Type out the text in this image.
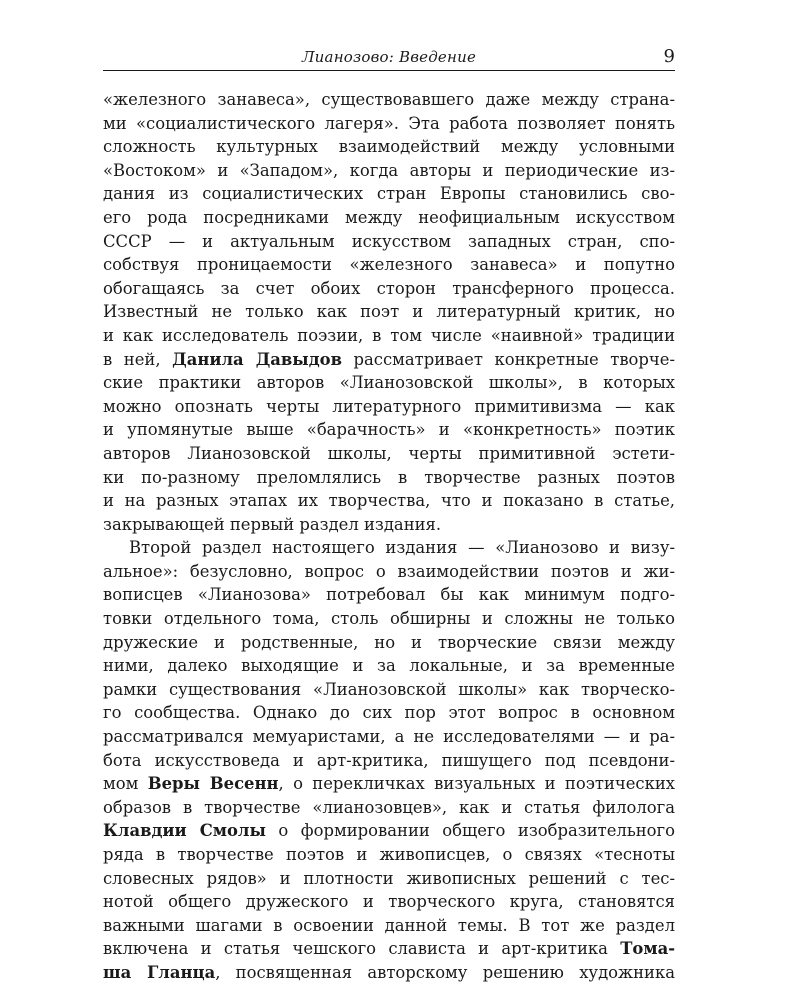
Лианозово: Введение	9
«железного занавеса», существовавшего даже между страна-
ми «социалистического лагеря». Эта работа позволяет понять
сложность культурных взаимодействий между условными
«Востоком» и «Западом», когда авторы и периодические из-
дания из социалистических стран Европы становились сво-
его рода посредниками между неофициальным искусством
СССР — и актуальным искусством западных стран, спо-
собствуя проницаемости «железного занавеса» и попутно
обогащаясь за счет обоих сторон трансферного процесса.
Известный не только как поэт и литературный критик, но
и как исследователь поэзии, в том числе «наивной» традиции
в ней, Данила Давыдов рассматривает конкретные творче-
ские практики авторов «Лианозовской школы», в которых
можно опознать черты литературного примитивизма — как
и упомянутые выше «барачность» и «конкретность» поэтик
авторов Лианозовской школы, черты примитивной эстети-
ки по-разному преломлялись в творчестве разных поэтов
и на разных этапах их творчества, что и показано в статье,
закрывающей первый раздел издания.
Второй раздел настоящего издания — «Лианозово и визу-
альное»: безусловно, вопрос о взаимодействии поэтов и жи-
вописцев «Лианозова» потребовал бы как минимум подго-
товки отдельного тома, столь обширны и сложны не только
дружеские и родственные, но и творческие связи между
ними, далеко выходящие и за локальные, и за временные
рамки существования «Лианозовской школы» как творческо-
го сообщества. Однако до сих пор этот вопрос в основном
рассматривался мемуаристами, а не исследователями — и ра-
бота искусствоведа и арт-критика, пишущего под псевдони-
мом Веры Весенн, о перекличках визуальных и поэтических
образов в творчестве «лианозовцев», как и статья филолога
Клавдии Смолы о формировании общего изобразительного
ряда в творчестве поэтов и живописцев, о связях «тесноты
словесных рядов» и плотности живописных решений с тес-
нотой общего дружеского и творческого круга, становятся
важными шагами в освоении данной темы. В тот же раздел
включена и статья чешского слависта и арт-критика Тома-
ша Гланца, посвященная авторскому решению художника
